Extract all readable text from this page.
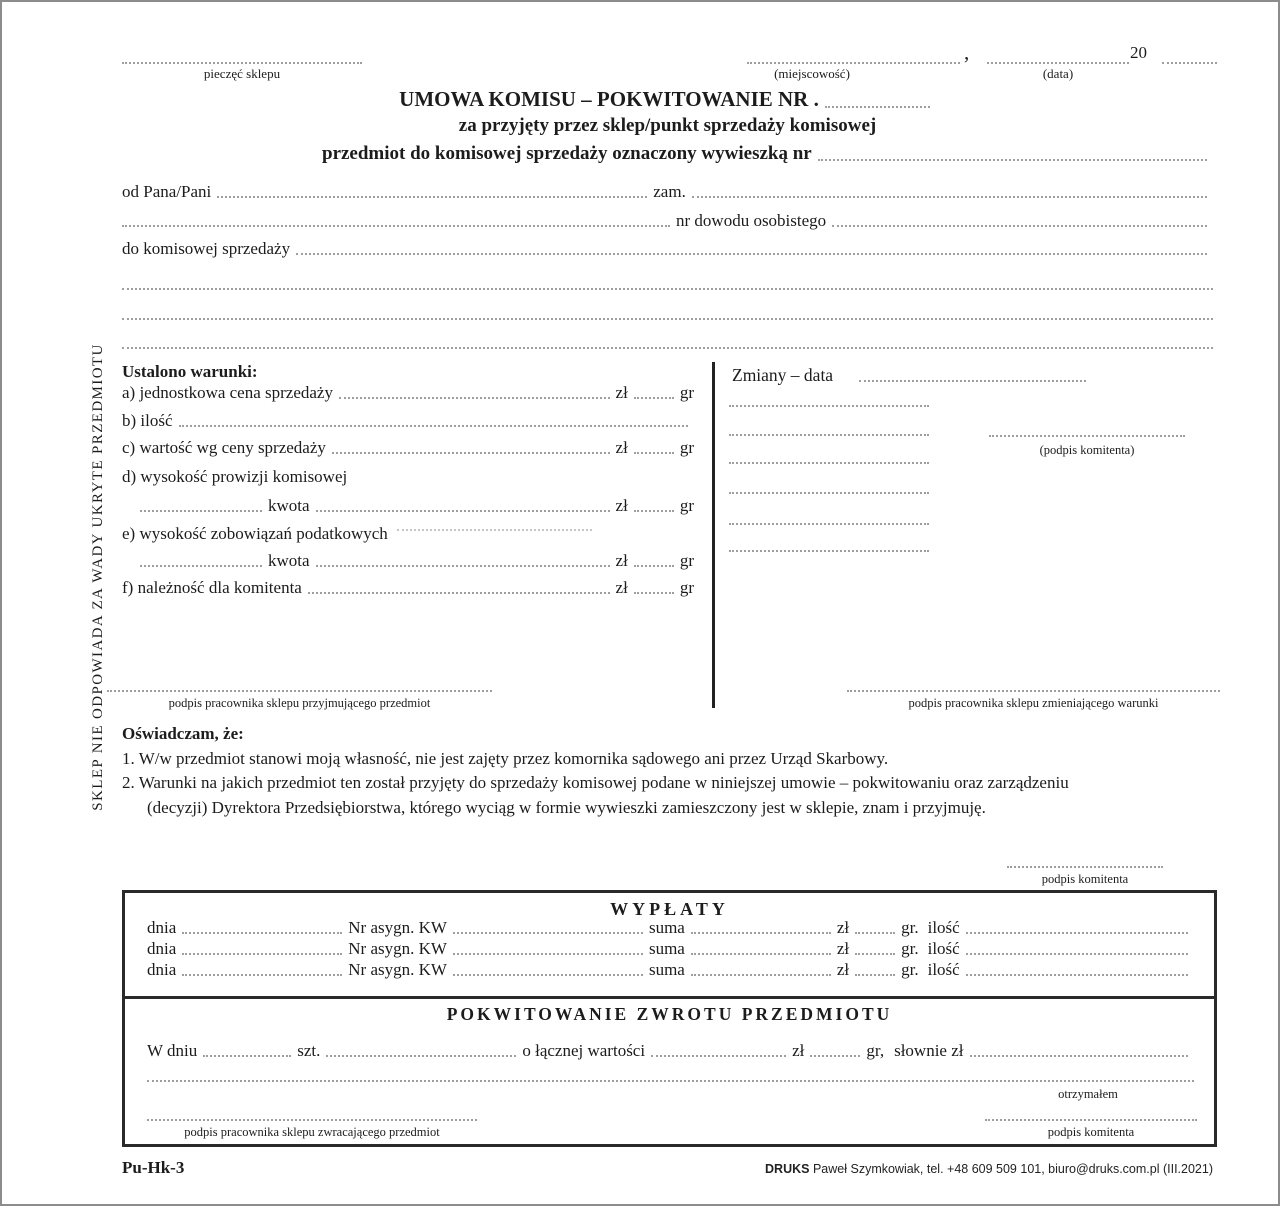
pieczęć sklepu	(miejscowość)
,
(data)
20
UMOWA KOMISU – POKWITOWANIE NR .
za przyjęty przez sklep/punkt sprzedaży komisowej
przedmiot do komisowej sprzedaży oznaczony wywieszką nr
od Pana/Pani	zam.
nr dowodu osobistego
do komisowej sprzedaży
SKLEP NIE ODPOWIADA ZA WADY UKRYTE PRZEDMIOTU Ustalono warunki:
a) jednostkowa cena sprzedaży	zł	gr
b) ilość
c) wartość wg ceny sprzedaży	zł	gr
d) wysokość prowizji komisowej
kwota	zł	gr
e) wysokość zobowiązań podatkowych
kwota	zł	gr
f) należność dla komitenta	zł	gr
Zmiany – data
(podpis komitenta)
podpis pracownika sklepu przyjmującego przedmiot	podpis pracownika sklepu zmieniającego warunki
Oświadczam, że:
1. W/w przedmiot stanowi moją własność, nie jest zajęty przez komornika sądowego ani przez Urząd Skarbowy.
2. Warunki na jakich przedmiot ten został przyjęty do sprzedaży komisowej podane w niniejszej umowie – pokwitowaniu oraz zarządzeniu
(decyzji) Dyrektora Przedsiębiorstwa, którego wyciąg w formie wywieszki zamieszczony jest w sklepie, znam i przyjmuję.
podpis komitenta
WYPŁATY
dnia	Nr asygn. KW	suma	zł	gr. ilość
dnia	Nr asygn. KW	suma	zł	gr. ilość
dnia	Nr asygn. KW	suma	zł	gr. ilość
POKWITOWANIE ZWROTU PRZEDMIOTU
W dniu	szt.	o łącznej wartości	zł	gr, słownie zł
otrzymałem
podpis pracownika sklepu zwracającego przedmiot	podpis komitenta
Pu-Hk-3	DRUKS Paweł Szymkowiak, tel. +48 609 509 101, biuro@druks.com.pl (III.2021)
